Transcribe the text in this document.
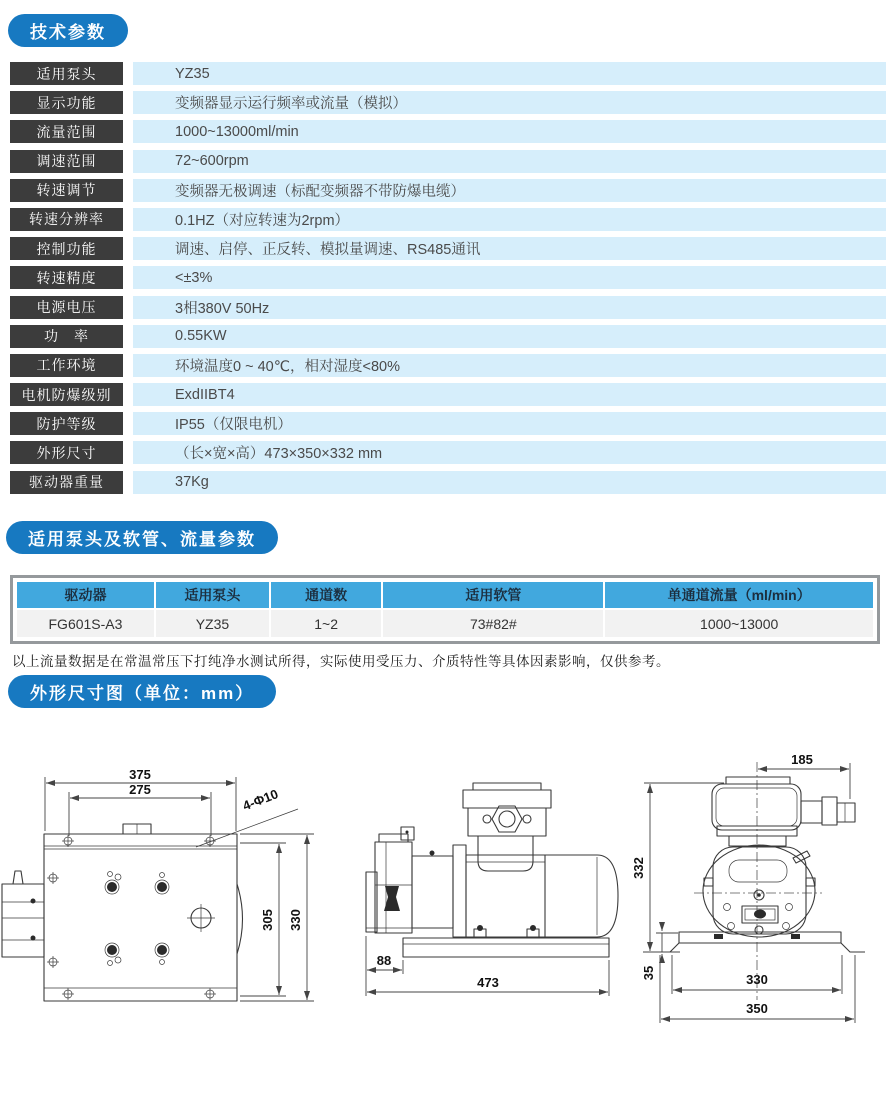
技术参数
适用泵头	YZ35
显示功能	变频器显示运行频率或流量（模拟）
流量范围	1000~13000ml/min
调速范围	72~600rpm
转速调节	变频器无极调速（标配变频器不带防爆电缆）
转速分辨率	0.1HZ（对应转速为2rpm）
控制功能	调速、启停、正反转、模拟量调速、RS485通讯
转速精度	<±3%
电源电压	3相380V 50Hz
功　率	0.55KW
工作环境	环境温度0 ~ 40℃，相对湿度<80%
电机防爆级别	ExdIIBT4
防护等级	IP55（仅限电机）
外形尺寸	（长×宽×高）473×350×332 mm
驱动器重量	37Kg
适用泵头及软管、流量参数
驱动器	适用泵头	通道数	适用软管	单通道流量（ml/min）
FG601S-A3	YZ35	1~2	73#82#	1000~13000
以上流量数据是在常温常压下打纯净水测试所得，实际使用受压力、介质特性等具体因素影响，仅供参考。
外形尺寸图（单位：mm）
375
275	4-Φ10
305 330
88
473
185
332
35	330
350
